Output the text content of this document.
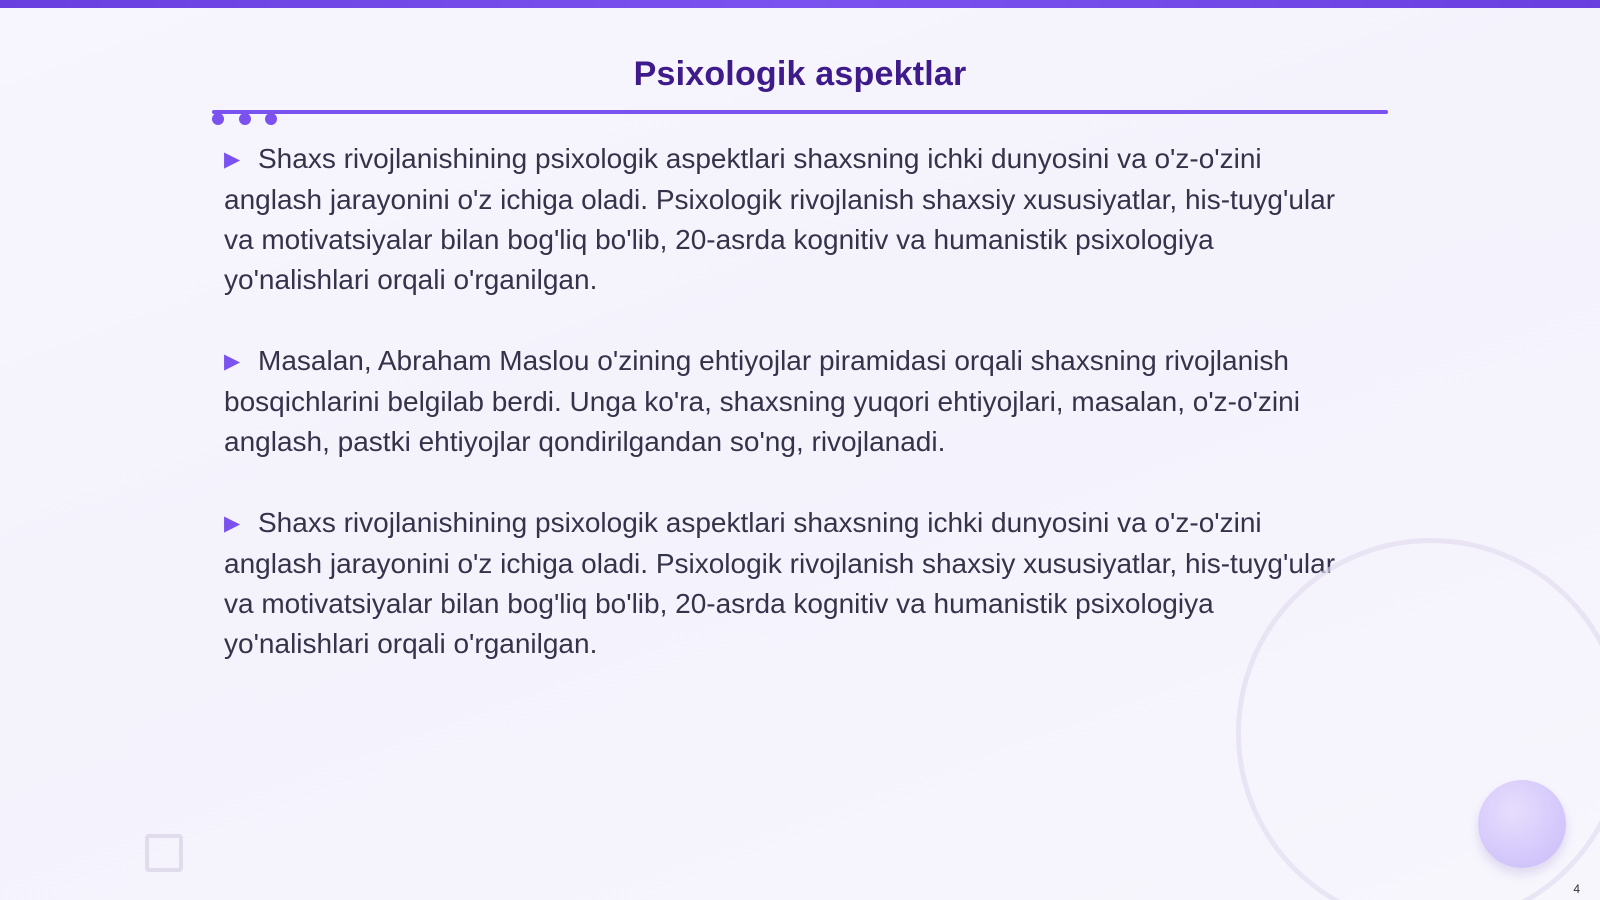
Psixologik aspektlar

▶ Shaxs rivojlanishining psixologik aspektlari shaxsning ichki dunyosini va o'z-o'zini anglash jarayonini o'z ichiga oladi. Psixologik rivojlanish shaxsiy xususiyatlar, his-tuyg'ular va motivatsiyalar bilan bog'liq bo'lib, 20-asrda kognitiv va humanistik psixologiya yo'nalishlari orqali o'rganilgan.

▶ Masalan, Abraham Maslou o'zining ehtiyojlar piramidasi orqali shaxsning rivojlanish bosqichlarini belgilab berdi. Unga ko'ra, shaxsning yuqori ehtiyojlari, masalan, o'z-o'zini anglash, pastki ehtiyojlar qondirilgandan so'ng, rivojlanadi.

▶ Shaxs rivojlanishining psixologik aspektlari shaxsning ichki dunyosini va o'z-o'zini anglash jarayonini o'z ichiga oladi. Psixologik rivojlanish shaxsiy xususiyatlar, his-tuyg'ular va motivatsiyalar bilan bog'liq bo'lib, 20-asrda kognitiv va humanistik psixologiya yo'nalishlari orqali o'rganilgan.

4
